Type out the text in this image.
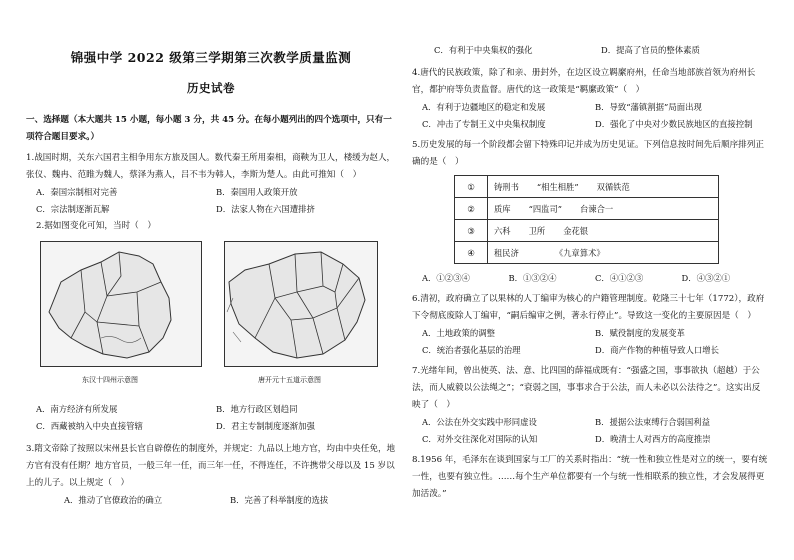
锦强中学 2022 级第三学期第三次教学质量监测
历史试卷

一、选择题（本大题共 15 小题，每小题 3 分，共 45 分。在每小题列出的四个选项中，只有一项符合题目要求。）

1.战国时期，关东六国君主相争用东方旅及国人。数代秦王所用秦相，商鞅为卫人，楼缓为赵人，张仪、魏冉、范睢为魏人，蔡泽为燕人，吕不韦为韩人，李斯为楚人。由此可推知（　）

A．秦国宗制相对完善	B．秦国用人政策开放
C．宗法制逐渐瓦解	D．法家人物在六国遭排挤

2.据如图变化可知，当时（　）

东汉十四州示意图	唐开元十五道示意图
A．南方经济有所发展	B．地方行政区划趋同
C．西藏被纳入中央直接管辖	D．君主专制制度逐渐加强

3.隋文帝除了按照以宋州县长官自辟僚佐的制度外，并规定：九品以上地方官，均由中央任免，地方官有没有任期？地方官员，一般三年一任，而三年一任，不得连任，不许携带父母以及 15 岁以上的儿子。以上规定（　）

A．推动了官僚政治的确立	B．完善了科举制度的选拔
C．有利于中央集权的强化	D．提高了官员的整体素质

4.唐代的民族政策，除了和亲、册封外，在边区设立羁縻府州，任命当地部族首领为府州长官，都护府等负责监督。唐代的这一政策是“羁縻政策”（　）

A．有利于边疆地区的稳定和发展	B．导致“藩镇割据”局面出现
C．冲击了专制王义中央集权制度	D．强化了中央对少数民族地区的直接控制

5.历史发展的每一个阶段都会留下特殊印记并成为历史见证。下列信息按时间先后顺序排列正确的是（　）

①	铸刑书 “相生相胜” 双循铁范

②	质库 “四监司” 台谏合一

③	六科 卫所 金花银

④	租民济 《九章算术》
A．①②③④	B．①③②④	C．④①②③	D．④③②①

6.清初，政府确立了以果林的人丁编审为核心的户籍管理制度。乾隆三十七年（1772），政府下令彻底废除人丁编审，“嗣后编审之例，著永行停止”。导致这一变化的主要原因是（　）

A．土地政策的调整	B．赋役制度的发展变革
C．统治者强化基层的治理	D．商产作物的种植导致人口增长

7.光绪年间，曾出使英、法、意、比四国的薛福成既有：“强盛之国，事事欲执（超越）于公法，而人威毅以公法绳之”；“衰弱之国，事事求合于公法，而人未必以公法待之”。这实出反映了（　）

A．公法在外交实践中形同虚设	B．援据公法束缚行合弱国利益
C．对外交往深化对国际的认知	D．晚清士人对西方的高度推崇

8.1956 年，毛泽东在谈到国家与工厂的关系时指出：“统一性和独立性是对立的统一，要有统一性，也要有独立性。……每个生产单位都要有一个与统一性相联系的独立性，才会发展得更加活泼。”
